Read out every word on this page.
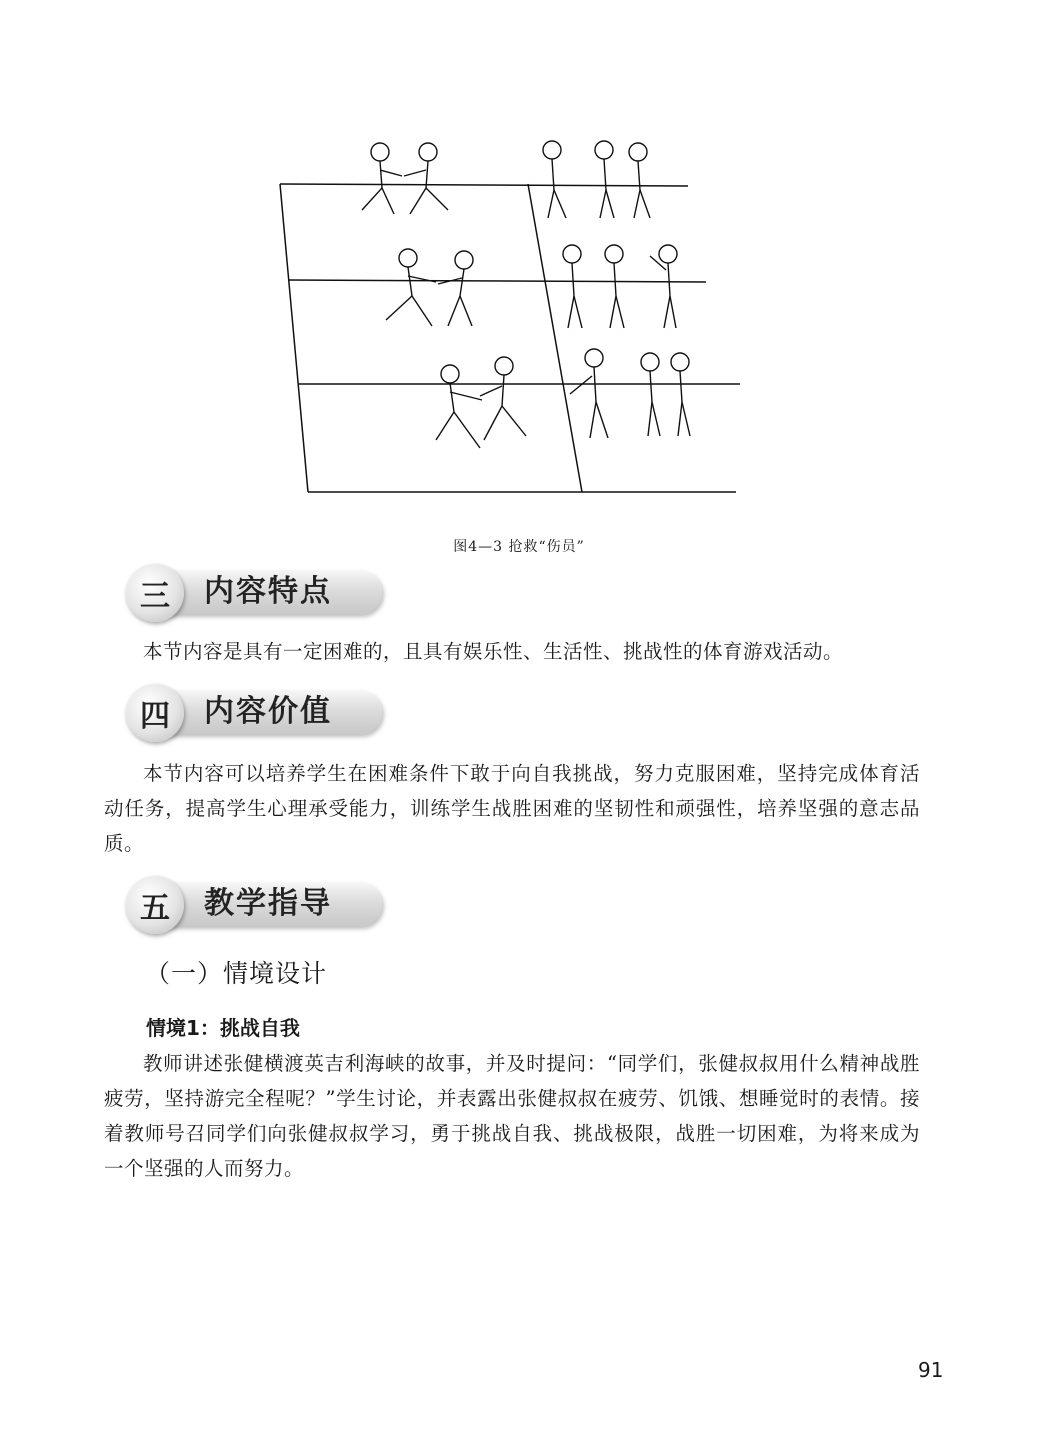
图4—3 抢救“伤员”
三	内容特点
本节内容是具有一定困难的，且具有娱乐性、生活性、挑战性的体育游戏活动。
四	内容价值
本节内容可以培养学生在困难条件下敢于向自我挑战，努力克服困难，坚持完成体育活动任务，提高学生心理承受能力，训练学生战胜困难的坚韧性和顽强性，培养坚强的意志品质。
五	教学指导
（一）情境设计
情境1：挑战自我
教师讲述张健横渡英吉利海峡的故事，并及时提问：“同学们，张健叔叔用什么精神战胜疲劳，坚持游完全程呢？”学生讨论，并表露出张健叔叔在疲劳、饥饿、想睡觉时的表情。接着教师号召同学们向张健叔叔学习，勇于挑战自我、挑战极限，战胜一切困难，为将来成为一个坚强的人而努力。
91
